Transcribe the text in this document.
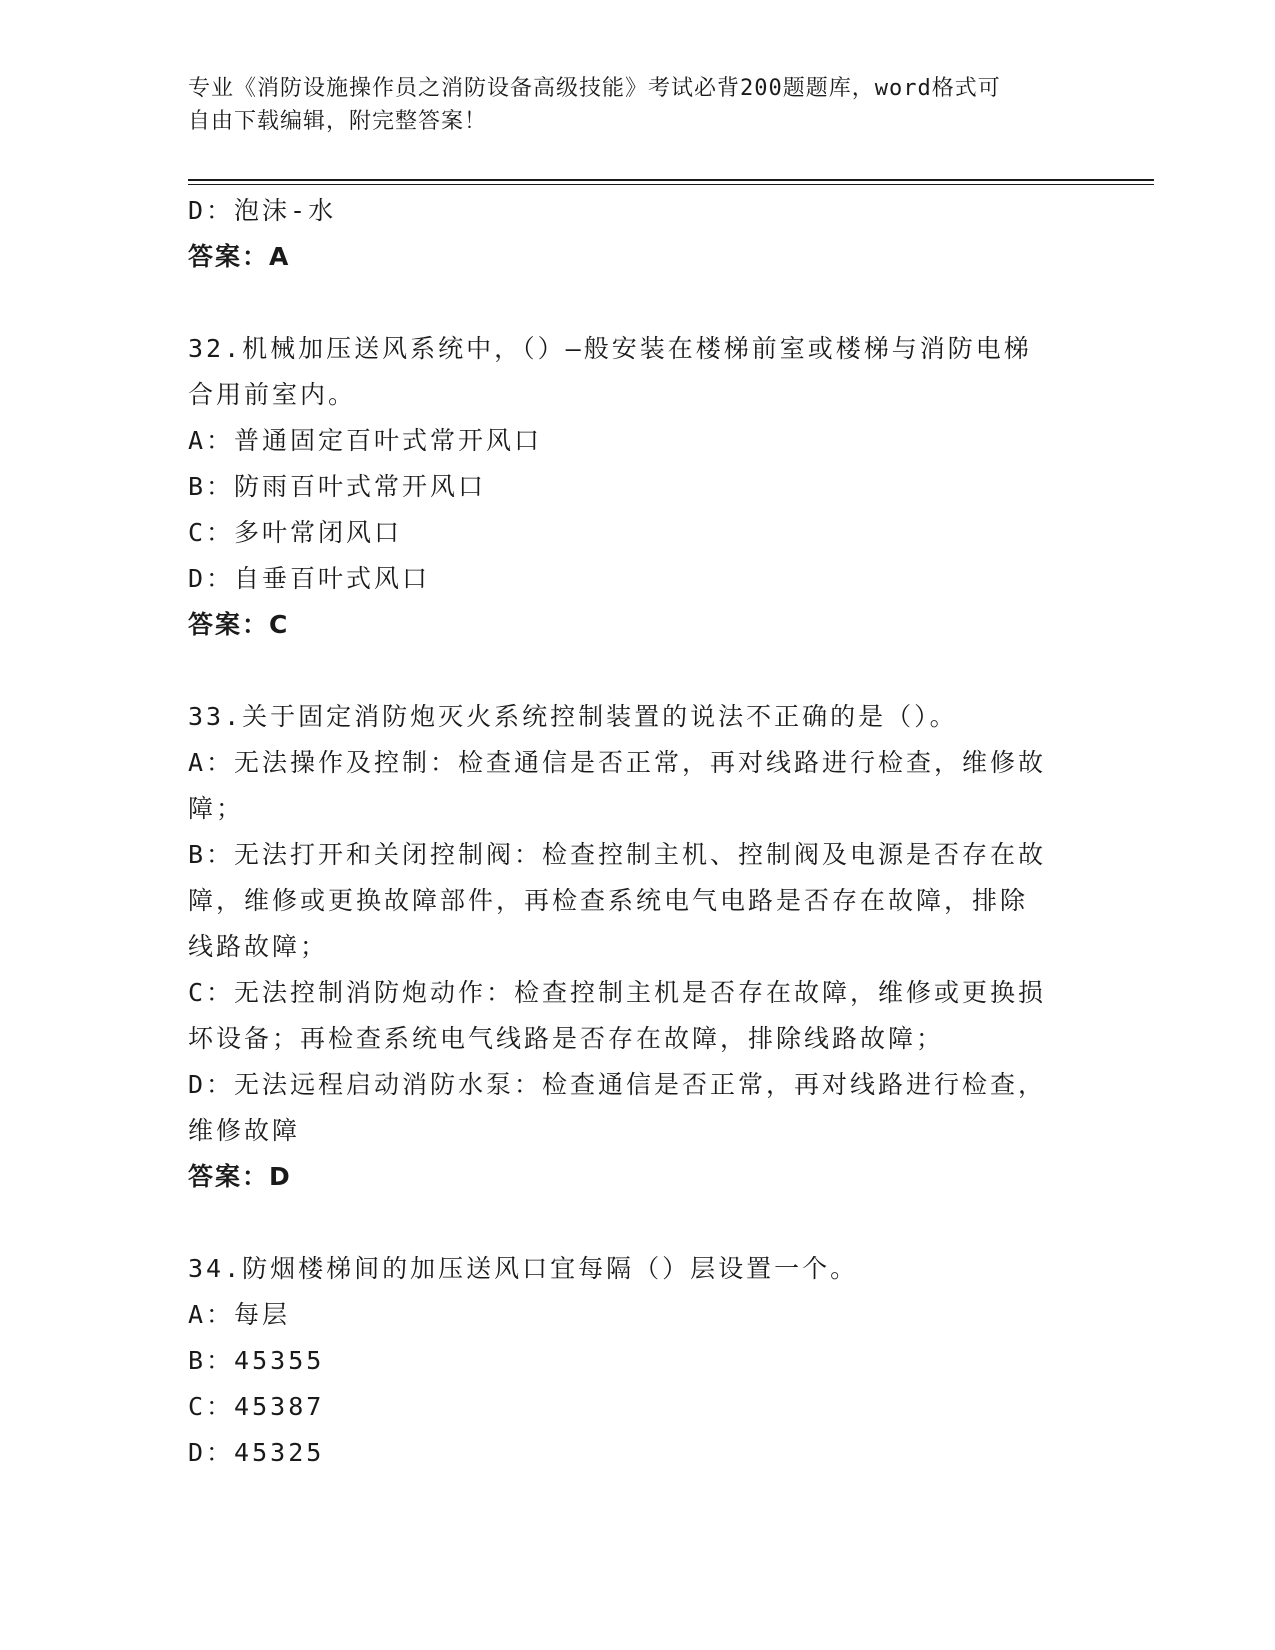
专业《消防设施操作员之消防设备高级技能》考试必背200题题库，word格式可
自由下载编辑，附完整答案！
D：泡沫-水
答案：A
32.机械加压送风系统中，（）—般安装在楼梯前室或楼梯与消防电梯
合用前室内。
A：普通固定百叶式常开风口
B：防雨百叶式常开风口
C：多叶常闭风口
D：自垂百叶式风口
答案：C
33.关于固定消防炮灭火系统控制装置的说法不正确的是（）。
A：无法操作及控制：检查通信是否正常，再对线路进行检查，维修故
障；
B：无法打开和关闭控制阀：检查控制主机、控制阀及电源是否存在故
障，维修或更换故障部件，再检查系统电气电路是否存在故障，排除
线路故障；
C：无法控制消防炮动作：检查控制主机是否存在故障，维修或更换损
坏设备；再检查系统电气线路是否存在故障，排除线路故障；
D：无法远程启动消防水泵：检查通信是否正常，再对线路进行检查，
维修故障
答案：D
34.防烟楼梯间的加压送风口宜每隔（）层设置一个。
A：每层
B：45355
C：45387
D：45325
